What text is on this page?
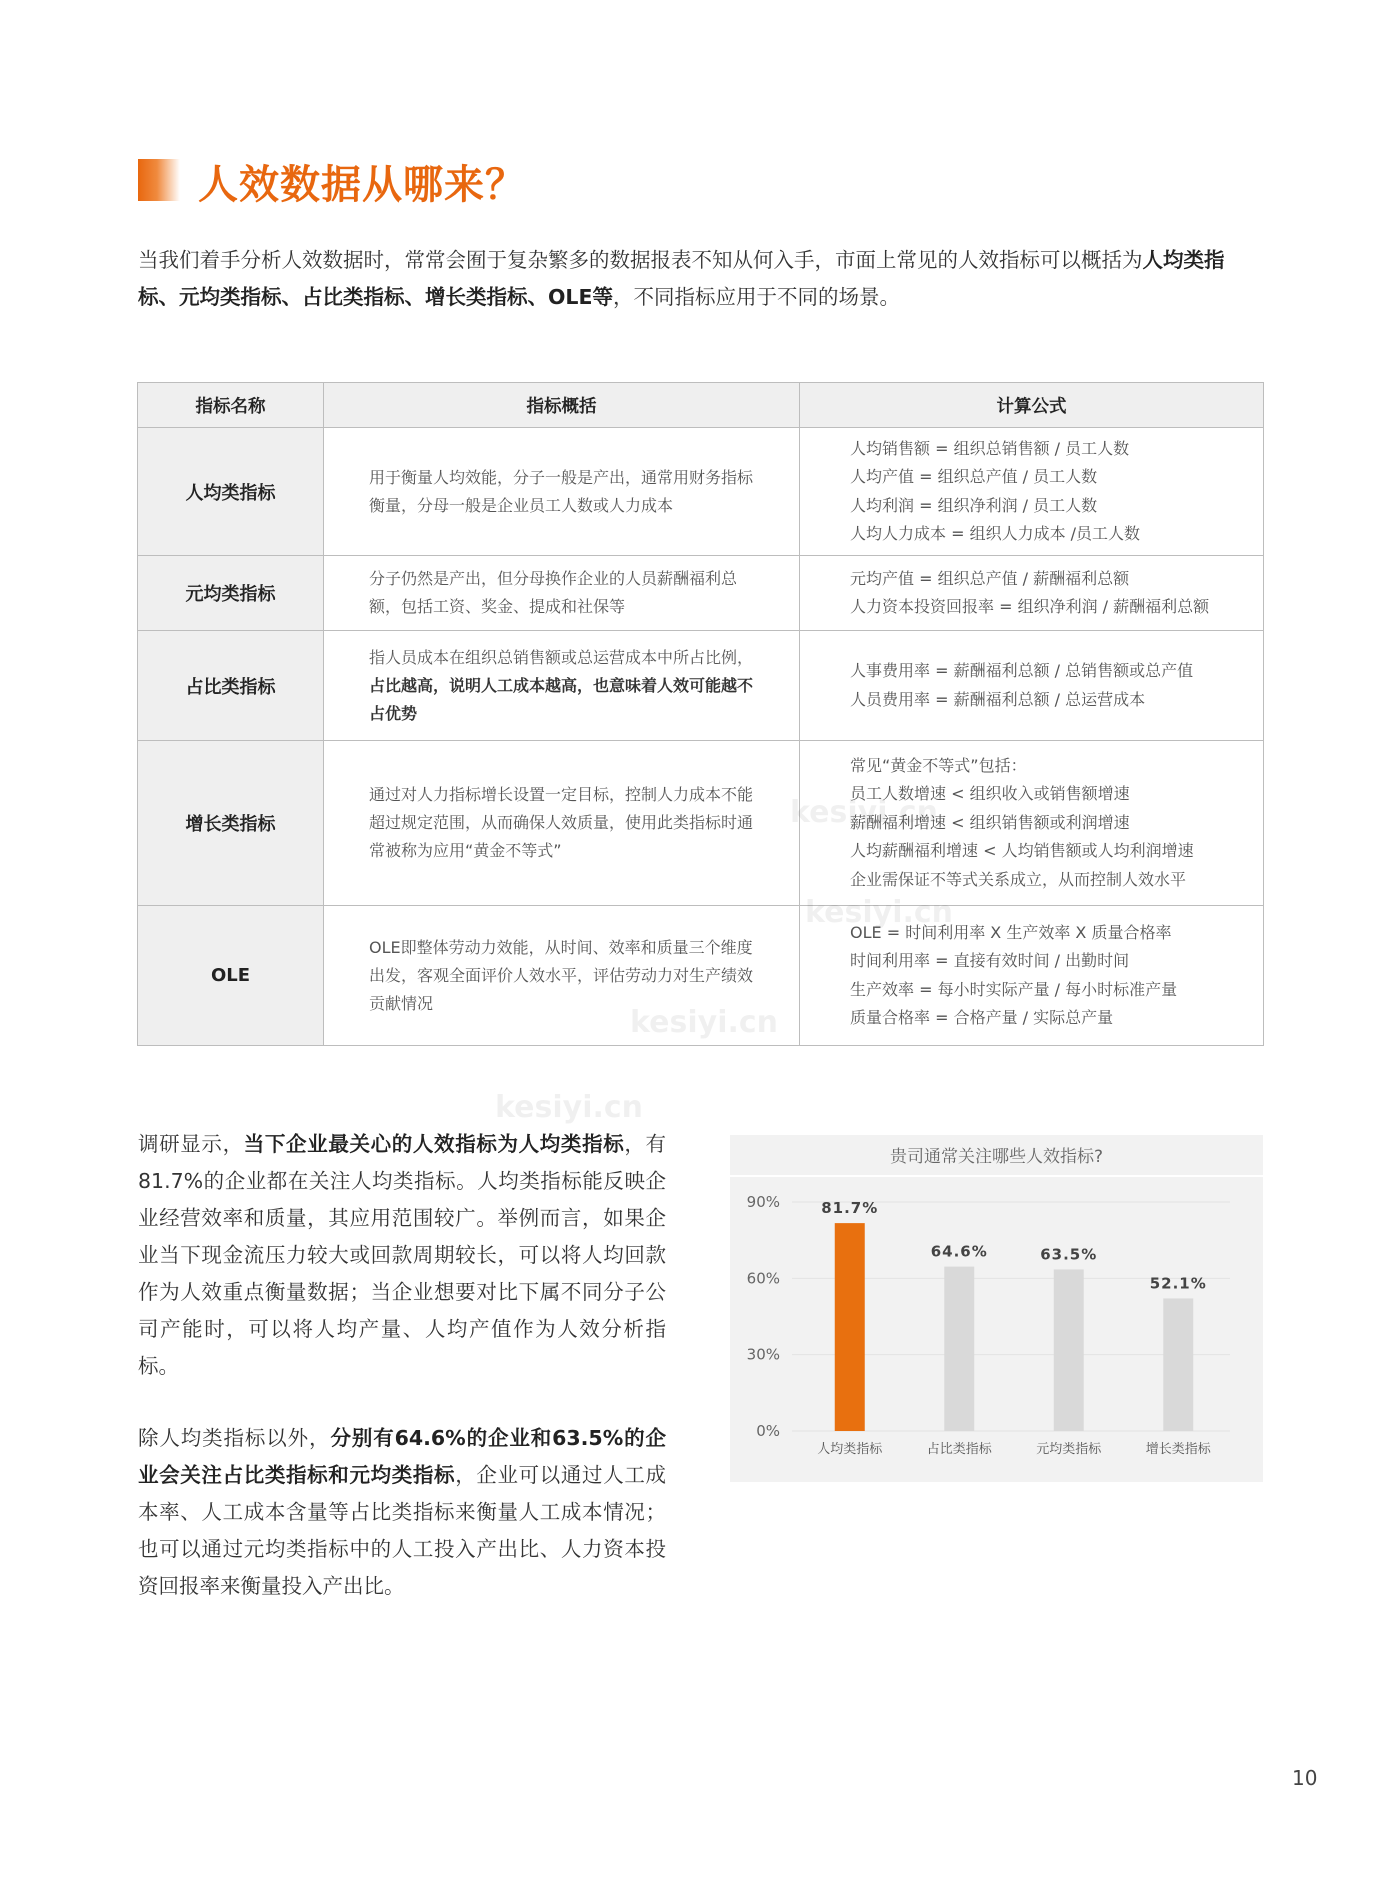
人效数据从哪来？
当我们着手分析人效数据时，常常会囿于复杂繁多的数据报表不知从何入手，市面上常见的人效指标可以概括为人均类指标、元均类指标、占比类指标、增长类指标、OLE等，不同指标应用于不同的场景。
指标名称	指标概括	计算公式
人均类指标	用于衡量人均效能，分子一般是产出，通常用财务指标衡量，分母一般是企业员工人数或人力成本	人均销售额 = 组织总销售额 / 员工人数
人均产值 = 组织总产值 / 员工人数
人均利润 = 组织净利润 / 员工人数
人均人力成本 = 组织人力成本 /员工人数

元均类指标	分子仍然是产出，但分母换作企业的人员薪酬福利总额，包括工资、奖金、提成和社保等	元均产值 = 组织总产值 / 薪酬福利总额
人力资本投资回报率 = 组织净利润 / 薪酬福利总额

占比类指标	指人员成本在组织总销售额或总运营成本中所占比例，占比越高，说明人工成本越高，也意味着人效可能越不占优势	人事费用率 = 薪酬福利总额 / 总销售额或总产值
人员费用率 = 薪酬福利总额 / 总运营成本

增长类指标	通过对人力指标增长设置一定目标，控制人力成本不能超过规定范围，从而确保人效质量，使用此类指标时通常被称为应用“黄金不等式”	常见“黄金不等式”包括：
员工人数增速 < 组织收入或销售额增速
薪酬福利增速 < 组织销售额或利润增速
人均薪酬福利增速 < 人均销售额或人均利润增速
企业需保证不等式关系成立，从而控制人效水平

OLE	OLE即整体劳动力效能，从时间、效率和质量三个维度出发，客观全面评价人效水平，评估劳动力对生产绩效贡献情况	OLE = 时间利用率 X 生产效率 X 质量合格率
时间利用率 = 直接有效时间 / 出勤时间
生产效率 = 每小时实际产量 / 每小时标准产量
质量合格率 = 合格产量 / 实际总产量
调研显示，当下企业最关心的人效指标为人均类指标，有81.7%的企业都在关注人均类指标。人均类指标能反映企业经营效率和质量，其应用范围较广。举例而言，如果企业当下现金流压力较大或回款周期较长，可以将人均回款作为人效重点衡量数据；当企业想要对比下属不同分子公司产能时，可以将人均产量、人均产值作为人效分析指标。
除人均类指标以外，分别有64.6%的企业和63.5%的企业会关注占比类指标和元均类指标，企业可以通过人工成本率、人工成本含量等占比类指标来衡量人工成本情况；也可以通过元均类指标中的人工投入产出比、人力资本投资回报率来衡量投入产出比。
贵司通常关注哪些人效指标?
0%
30%
60%
90%	81.7%
人均类指标
64.6%
占比类指标
63.5%
元均类指标
52.1%
增长类指标
kesiyi.cn
kesiyi.cn
kesiyi.cn
kesiyi.cn
10
